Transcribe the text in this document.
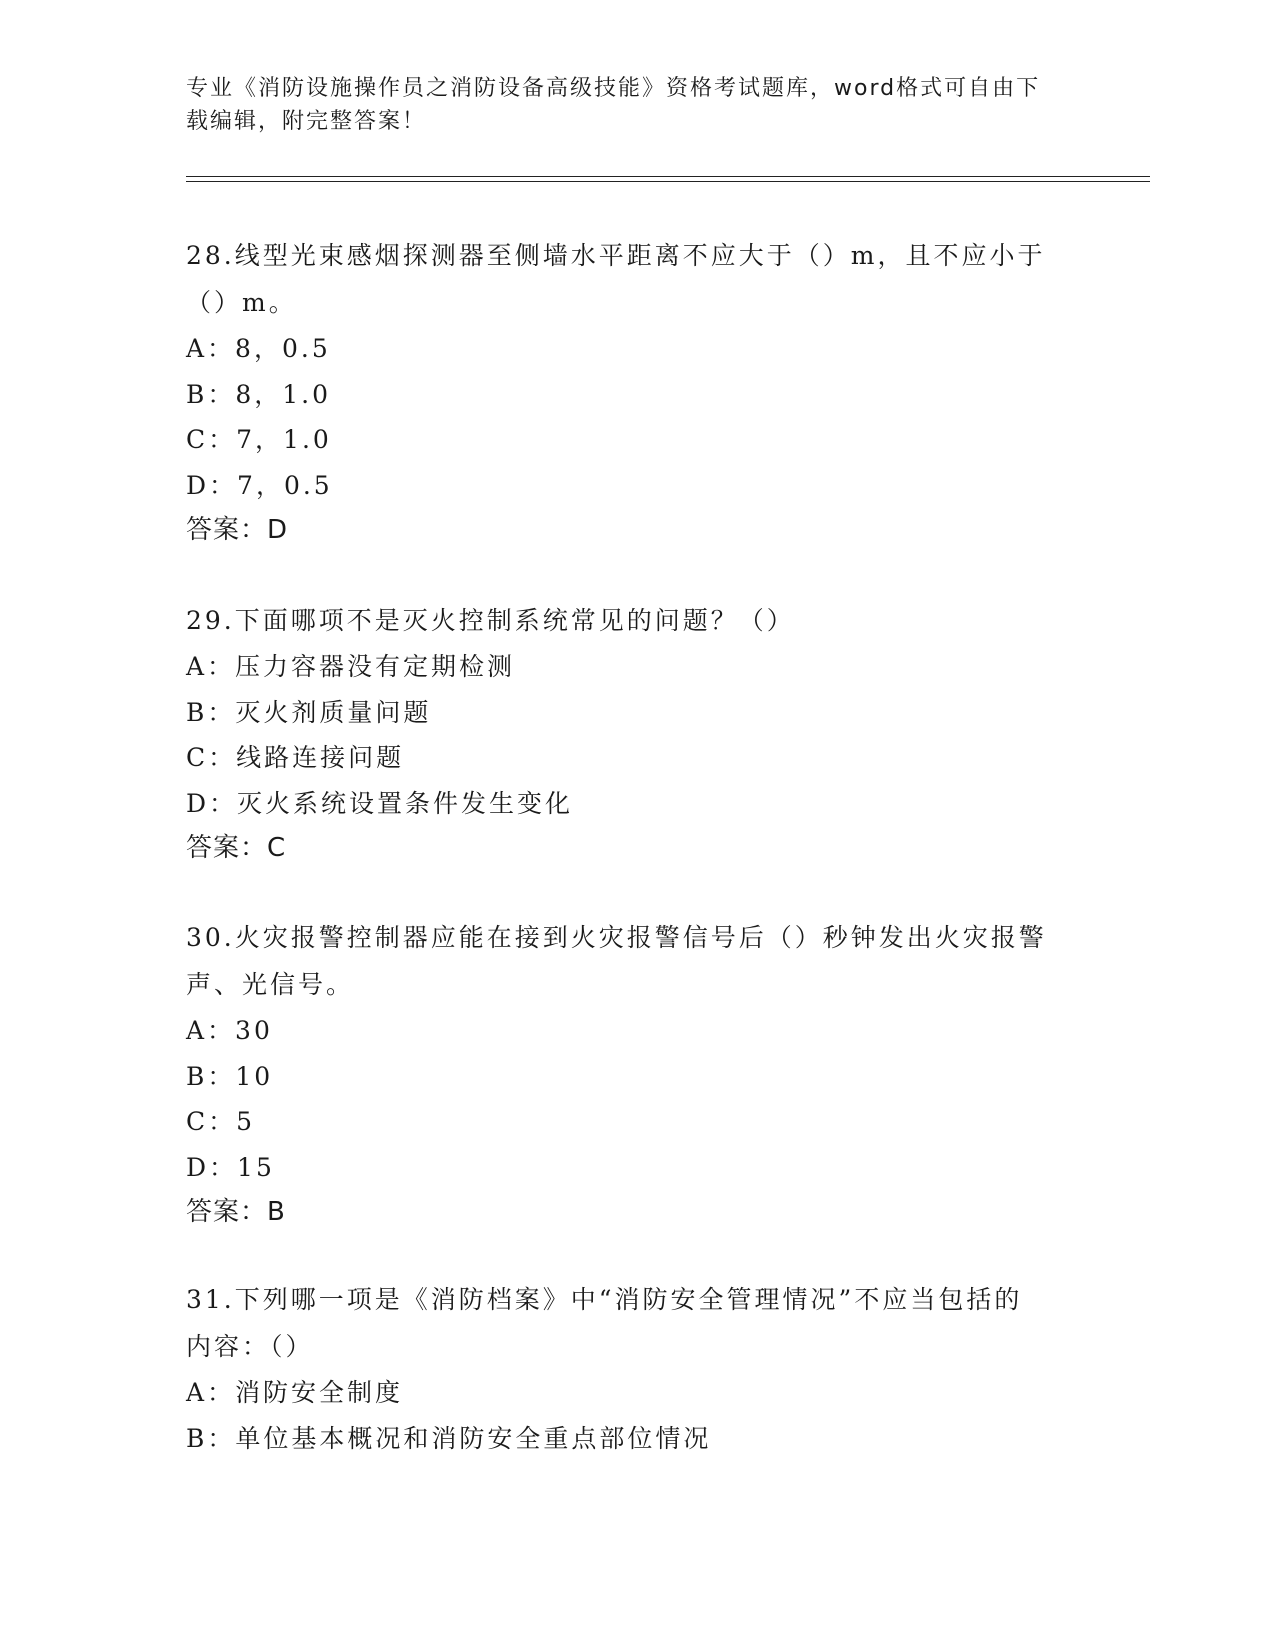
专业《消防设施操作员之消防设备高级技能》资格考试题库，word格式可自由下
载编辑，附完整答案！

28.线型光束感烟探测器至侧墙水平距离不应大于（）m，且不应小于

（）m。

A：8，0.5

B：8，1.0

C：7，1.0

D：7，0.5

答案：D

29.下面哪项不是灭火控制系统常见的问题？（）

A：压力容器没有定期检测

B：灭火剂质量问题

C：线路连接问题

D：灭火系统设置条件发生变化

答案：C

30.火灾报警控制器应能在接到火灾报警信号后（）秒钟发出火灾报警

声、光信号。

A：30

B：10

C：5

D：15

答案：B

31.下列哪一项是《消防档案》中“消防安全管理情况”不应当包括的

内容：（）

A：消防安全制度

B：单位基本概况和消防安全重点部位情况
